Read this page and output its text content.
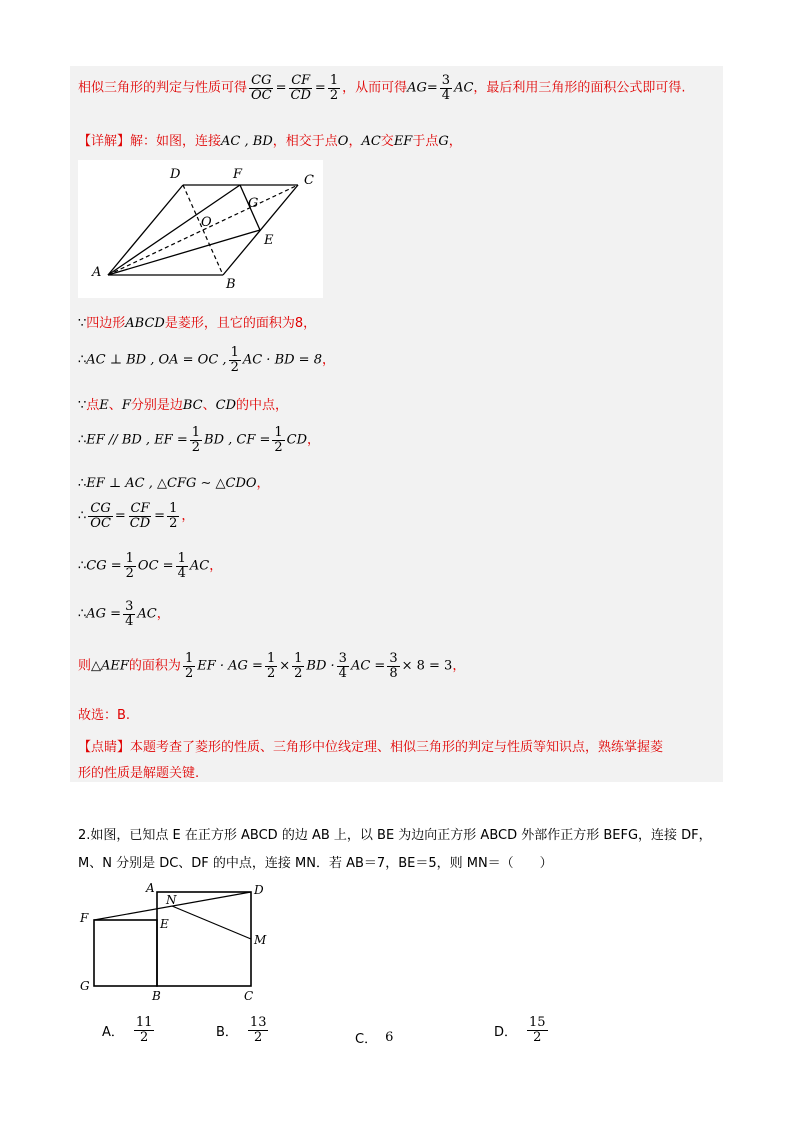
相似三角形的判定与性质可得 $\frac{CG}{OC} = \frac{CF}{CD} = \frac{1}{2}$ ，从而可得$AG= \frac{3}{4}$ AC，最后利用三角形的面积公式即可得.
【详解】解：如图，连接AC , BD，相交于点O，AC交EF于点G，
A
B
C
D
E
F
G
O
∵四边形ABCD是菱形，且它的面积为8，
∴AC ⊥ BD , OA = OC , $\frac{1}{2}$ AC · BD = 8，
∵点E、F分别是边BC、CD的中点，
∴EF // BD , EF = $\frac{1}{2}$ BD , CF = $\frac{1}{2}$ CD，
∴EF ⊥ AC , △CFG ∼ △CDO，
∴ $\frac{CG}{OC} = \frac{CF}{CD} = \frac{1}{2}$ ，
∴CG = $\frac{1}{2}$ OC = $\frac{1}{4}$ AC，
∴AG = $\frac{3}{4}$ AC，
则△AEF的面积为 $\frac{1}{2}$ EF · AG = $\frac{1}{2} \times \frac{1}{2}$ BD · $\frac{3}{4}$ AC = $\frac{3}{8} \times 8 = 3$，
故选：B.
【点睛】本题考查了菱形的性质、三角形中位线定理、相似三角形的判定与性质等知识点，熟练掌握菱
形的性质是解题关键.
2.如图，已知点 E 在正方形 ABCD 的边 AB 上，以 BE 为边向正方形 ABCD 外部作正方形 BEFG，连接 DF，
M、N 分别是 DC、DF 的中点，连接 MN．若 AB＝7，BE＝5，则 MN＝（　　）
A
B	C
D
E
F
G
M
N
A． $\frac{11}{2}$	B． $\frac{13}{2}$	C． 6	D． $\frac{15}{2}$
